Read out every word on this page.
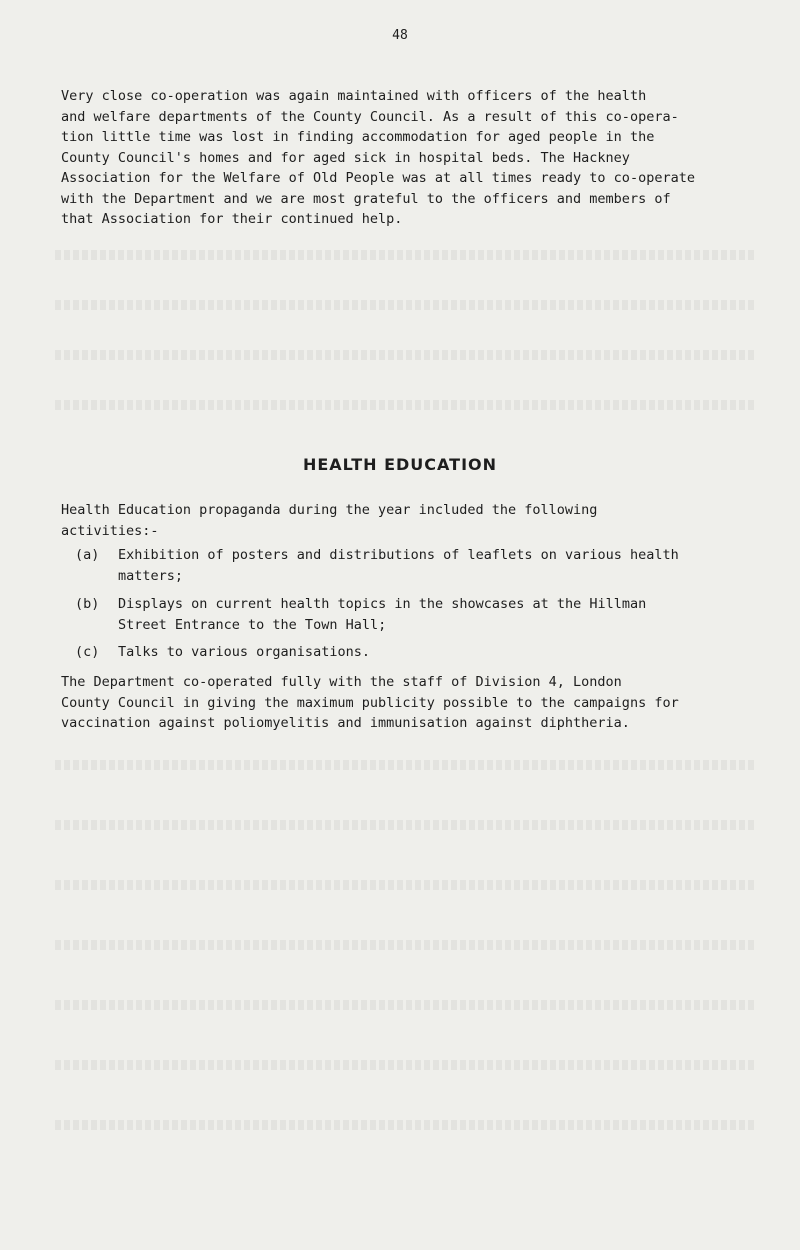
48

Very close co-operation was again maintained with officers of the health
and welfare departments of the County Council. As a result of this co-opera-
tion little time was lost in finding accommodation for aged people in the
County Council's homes and for aged sick in hospital beds. The Hackney
Association for the Welfare of Old People was at all times ready to co-operate
with the Department and we are most grateful to the officers and members of
that Association for their continued help.

HEALTH EDUCATION

Health Education propaganda during the year included the following
activities:-

(a) Exhibition of posters and distributions of leaflets on various health
matters;
(b) Displays on current health topics in the showcases at the Hillman
Street Entrance to the Town Hall;
(c) Talks to various organisations.

The Department co-operated fully with the staff of Division 4, London
County Council in giving the maximum publicity possible to the campaigns for
vaccination against poliomyelitis and immunisation against diphtheria.
